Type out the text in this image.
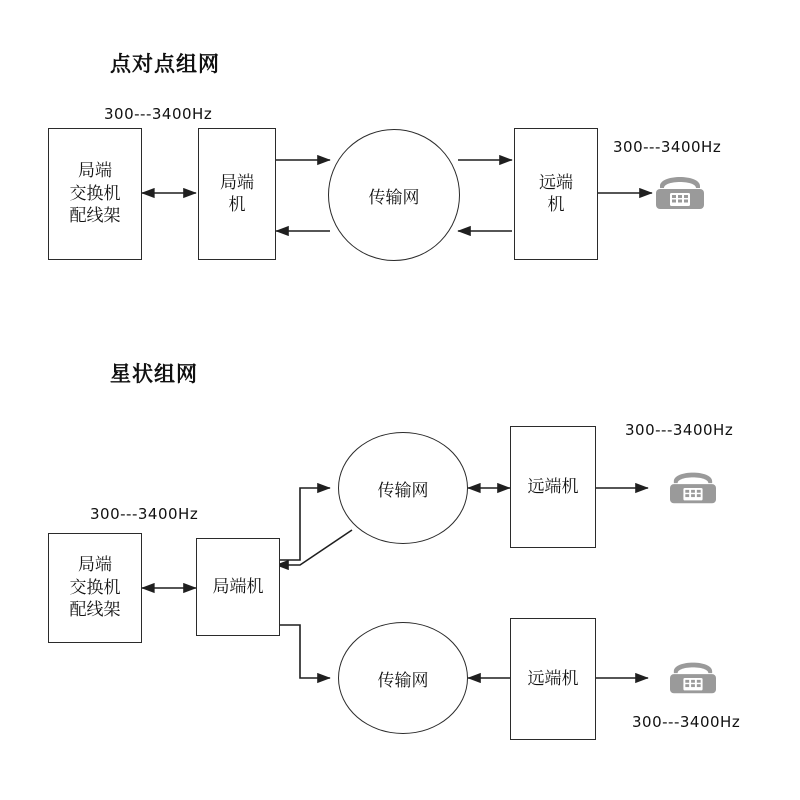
点对点组网
300---3400Hz
300---3400Hz
局端
交换机
配线架
局端
机	传输网
远端
机
星状组网
300---3400Hz
300---3400Hz
300---3400Hz
局端
交换机
配线架
局端机
传输网
传输网
远端机
远端机
